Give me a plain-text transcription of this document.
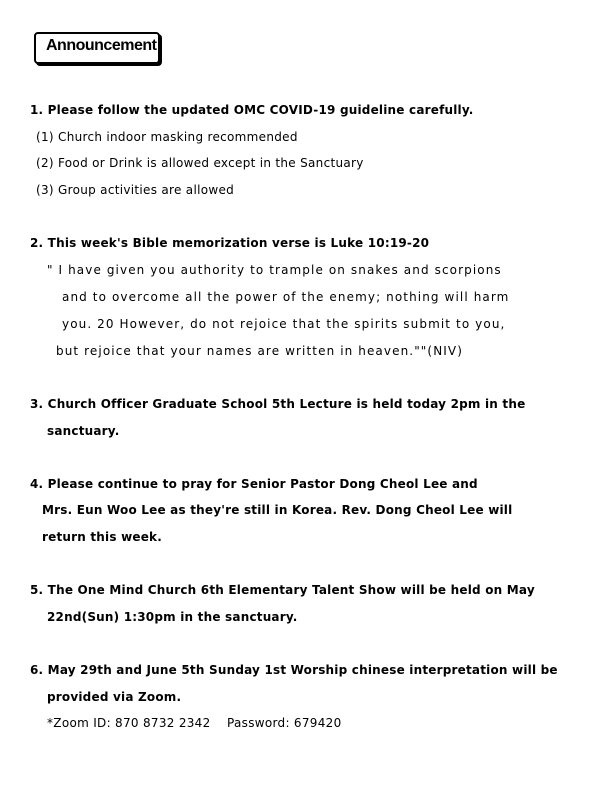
Announcement
1. Please follow the updated OMC COVID-19 guideline carefully.
(1) Church indoor masking recommended
(2) Food or Drink is allowed except in the Sanctuary
(3) Group activities are allowed
2. This week's Bible memorization verse is Luke 10:19-20
" I have given you authority to trample on snakes and scorpions
and to overcome all the power of the enemy; nothing will harm
you. 20 However, do not rejoice that the spirits submit to you,
but rejoice that your names are written in heaven.""(NIV)
3. Church Officer Graduate School 5th Lecture is held today 2pm in the
sanctuary.
4. Please continue to pray for Senior Pastor Dong Cheol Lee and
Mrs. Eun Woo Lee as they're still in Korea. Rev. Dong Cheol Lee will
return this week.
5. The One Mind Church 6th Elementary Talent Show will be held on May
22nd(Sun) 1:30pm in the sanctuary.
6. May 29th and June 5th Sunday 1st Worship chinese interpretation will be
provided via Zoom.
*Zoom ID: 870 8732 2342    Password: 679420
